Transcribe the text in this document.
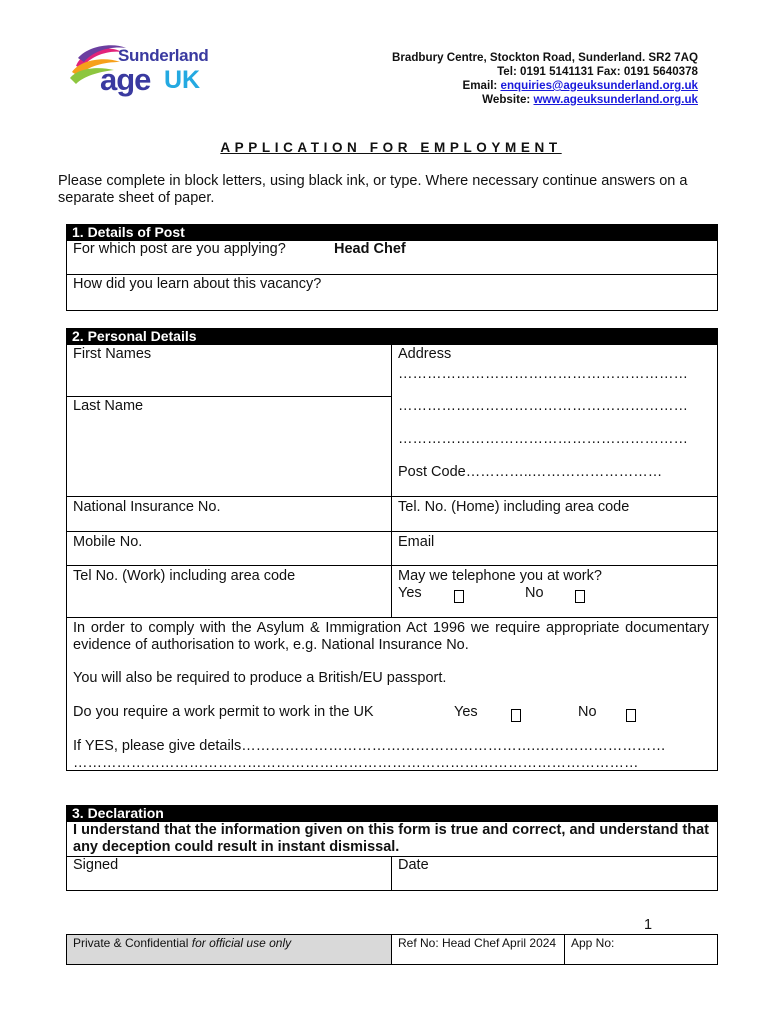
Sunderland
age UK
Bradbury Centre, Stockton Road, Sunderland. SR2 7AQ
Tel: 0191 5141131 Fax: 0191 5640378
Email: enquiries@ageuksunderland.org.uk
Website: www.ageuksunderland.org.uk
APPLICATION FOR EMPLOYMENT
Please complete in block letters, using black ink, or type. Where necessary continue answers on a separate sheet of paper.
1. Details of Post
For which post are you applying?	Head Chef
How did you learn about this vacancy?
2. Personal Details
First Names
Last Name
Address
……………………………………………………
……………………………………………………
……………………………………………………
Post Code…………..………………………
National Insurance No.	Tel. No. (Home) including area code
Mobile No.	Email
Tel No. (Work) including area code	May we telephone you at work?
Yes	No
In order to comply with the Asylum & Immigration Act 1996 we require appropriate documentary evidence of authorisation to work, e.g. National Insurance No.
You will also be required to produce a British/EU passport.
Do you require a work permit to work in the UK	Yes	No
If YES, please give details…………………………………………………….………………………
………………………………………………………………………………………………………
3. Declaration
I understand that the information given on this form is true and correct, and understand that any deception could result in instant dismissal.
Signed	Date
1
Private & Confidential for official use only	Ref No: Head Chef April 2024 App No:
